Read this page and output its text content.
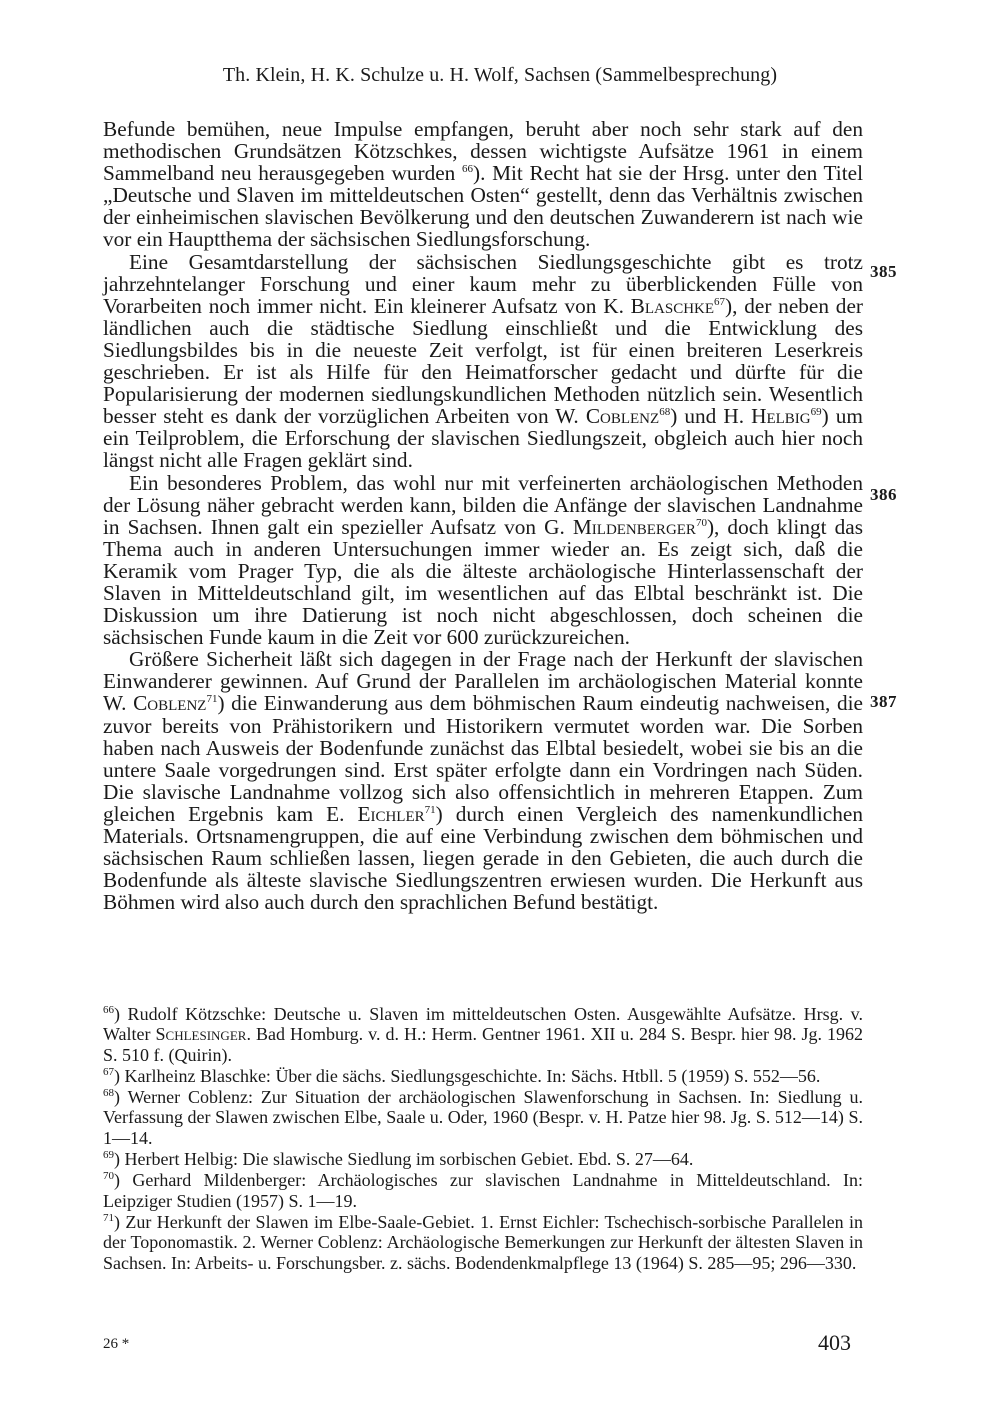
Th. Klein, H. K. Schulze u. H. Wolf, Sachsen (Sammelbesprechung)

Befunde bemühen, neue Impulse empfangen, beruht aber noch sehr stark auf den methodischen Grundsätzen Kötzschkes, dessen wichtigste Aufsätze 1961 in einem Sammelband neu herausgegeben wurden $^{66}$). Mit Recht hat sie der Hrsg. unter den Titel „Deutsche und Slaven im mitteldeutschen Osten“ gestellt, denn das Verhältnis zwischen der einheimischen slavischen Bevölkerung und den deutschen Zuwanderern ist nach wie vor ein Hauptthema der sächsischen Siedlungsforschung.

Eine Gesamtdarstellung der sächsischen Siedlungsgeschichte gibt es trotz jahrzehntelanger Forschung und einer kaum mehr zu überblickenden Fülle von Vorarbeiten noch immer nicht. Ein kleinerer Aufsatz von K. Blaschke$^{67}$), der neben der ländlichen auch die städtische Siedlung einschließt und die Entwicklung des Siedlungsbildes bis in die neueste Zeit verfolgt, ist für einen breiteren Leserkreis geschrieben. Er ist als Hilfe für den Heimatforscher gedacht und dürfte für die Popularisierung der modernen siedlungskundlichen Methoden nützlich sein. Wesentlich besser steht es dank der vorzüglichen Arbeiten von W. Coblenz$^{68}$) und H. Helbig$^{69}$) um ein Teilproblem, die Erforschung der slavischen Siedlungszeit, obgleich auch hier noch längst nicht alle Fragen geklärt sind.

Ein besonderes Problem, das wohl nur mit verfeinerten archäologischen Methoden der Lösung näher gebracht werden kann, bilden die Anfänge der slavischen Landnahme in Sachsen. Ihnen galt ein spezieller Aufsatz von G. Mildenberger$^{70}$), doch klingt das Thema auch in anderen Untersuchungen immer wieder an. Es zeigt sich, daß die Keramik vom Prager Typ, die als die älteste archäologische Hinterlassenschaft der Slaven in Mitteldeutschland gilt, im wesentlichen auf das Elbtal beschränkt ist. Die Diskussion um ihre Datierung ist noch nicht abgeschlossen, doch scheinen die sächsischen Funde kaum in die Zeit vor 600 zurückzureichen.

Größere Sicherheit läßt sich dagegen in der Frage nach der Herkunft der slavischen Einwanderer gewinnen. Auf Grund der Parallelen im archäologischen Material konnte W. Coblenz$^{71}$) die Einwanderung aus dem böhmischen Raum eindeutig nachweisen, die zuvor bereits von Prähistorikern und Historikern vermutet worden war. Die Sorben haben nach Ausweis der Bodenfunde zunächst das Elbtal besiedelt, wobei sie bis an die untere Saale vorgedrungen sind. Erst später erfolgte dann ein Vordringen nach Süden. Die slavische Landnahme vollzog sich also offensichtlich in mehreren Etappen. Zum gleichen Ergebnis kam E. Eichler$^{71}$) durch einen Vergleich des namenkundlichen Materials. Ortsnamengruppen, die auf eine Verbindung zwischen dem böhmischen und sächsischen Raum schließen lassen, liegen gerade in den Gebieten, die auch durch die Bodenfunde als älteste slavische Siedlungszentren erwiesen wurden. Die Herkunft aus Böhmen wird also auch durch den sprachlichen Befund bestätigt.

385
386
387

$^{66}$) Rudolf Kötzschke: Deutsche u. Slaven im mitteldeutschen Osten. Ausgewählte Aufsätze. Hrsg. v. Walter Schlesinger. Bad Homburg. v. d. H.: Herm. Gentner 1961. XII u. 284 S. Bespr. hier 98. Jg. 1962 S. 510 f. (Quirin).

$^{67}$) Karlheinz Blaschke: Über die sächs. Siedlungsgeschichte. In: Sächs. Htbll. 5 (1959) S. 552—56.

$^{68}$) Werner Coblenz: Zur Situation der archäologischen Slawenforschung in Sachsen. In: Siedlung u. Verfassung der Slawen zwischen Elbe, Saale u. Oder, 1960 (Bespr. v. H. Patze hier 98. Jg. S. 512—14) S. 1—14.

$^{69}$) Herbert Helbig: Die slawische Siedlung im sorbischen Gebiet. Ebd. S. 27—64.

$^{70}$) Gerhard Mildenberger: Archäologisches zur slavischen Landnahme in Mitteldeutschland. In: Leipziger Studien (1957) S. 1—19.

$^{71}$) Zur Herkunft der Slawen im Elbe-Saale-Gebiet. 1. Ernst Eichler: Tschechisch-sorbische Parallelen in der Toponomastik. 2. Werner Coblenz: Archäologische Bemerkungen zur Herkunft der ältesten Slaven in Sachsen. In: Arbeits- u. Forschungsber. z. sächs. Bodendenkmalpflege 13 (1964) S. 285—95; 296—330.

26 *	403
